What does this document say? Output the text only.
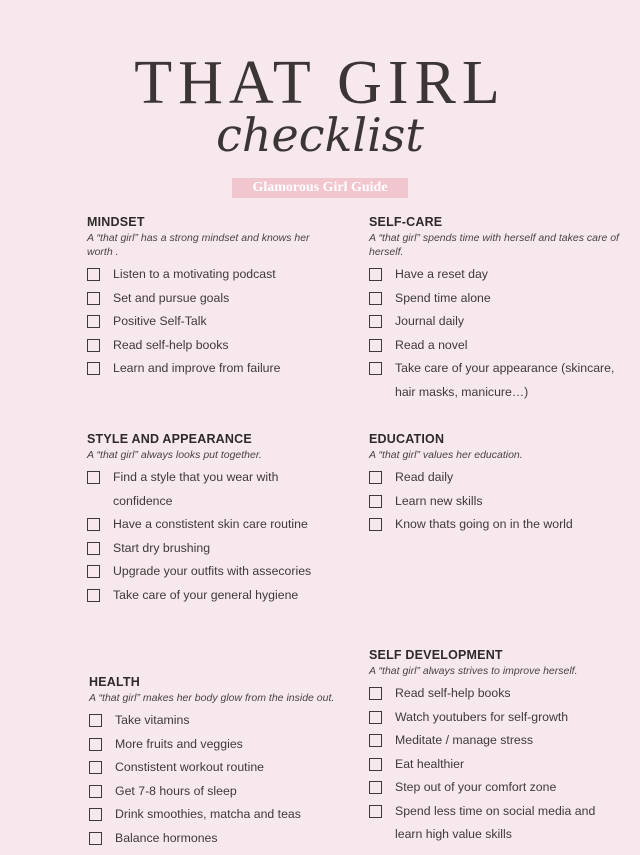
THAT GIRL
checklist
Glamorous Girl Guide
MINDSET
A “that girl” has a strong mindset and knows her worth .
Listen to a motivating podcast
Set and pursue goals
Positive Self-Talk
Read self-help books
Learn and improve from failure
SELF-CARE
A “that girl” spends time with herself and takes care of herself.
Have a reset day
Spend time alone
Journal daily
Read a novel
Take care of your appearance (skincare, hair masks, manicure…)
STYLE AND APPEARANCE
A “that girl” always looks put together.
Find a style that you wear with confidence
Have a constistent skin care routine
Start dry brushing
Upgrade your outfits with assecories
Take care of your general hygiene
EDUCATION
A “that girl” values her education.
Read daily
Learn new skills
Know thats going on in the world
HEALTH
A “that girl” makes her body glow from the inside out.
Take vitamins
More fruits and veggies
Constistent workout routine
Get 7-8 hours of sleep
Drink smoothies, matcha and teas
Balance hormones
SELF DEVELOPMENT
A “that girl” always strives to improve herself.
Read self-help books
Watch youtubers for self-growth
Meditate / manage stress
Eat healthier
Step out of your comfort zone
Spend less time on social media and learn high value skills
